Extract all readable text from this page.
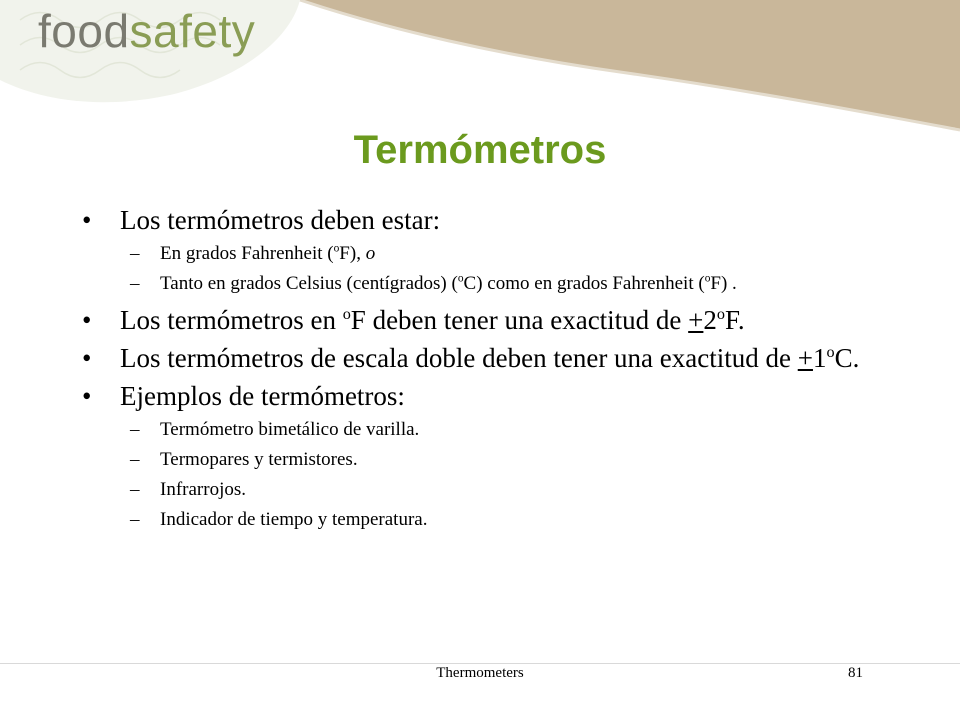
foodsafety
Termómetros
• Los termómetros deben estar:
– En grados Fahrenheit ($^o$F), o
– Tanto en grados Celsius (centígrados) ($^o$C) como en grados Fahrenheit ($^o$F) .
• Los termómetros en $^o$F deben tener una exactitud de $+2^oF$.
• Los termómetros de escala doble deben tener una exactitud de $+1^oC$.
• Ejemplos de termómetros:
– Termómetro bimetálico de varilla.
– Termopares y termistores.
– Infrarrojos.
– Indicador de tiempo y temperatura.
Thermometers	81
